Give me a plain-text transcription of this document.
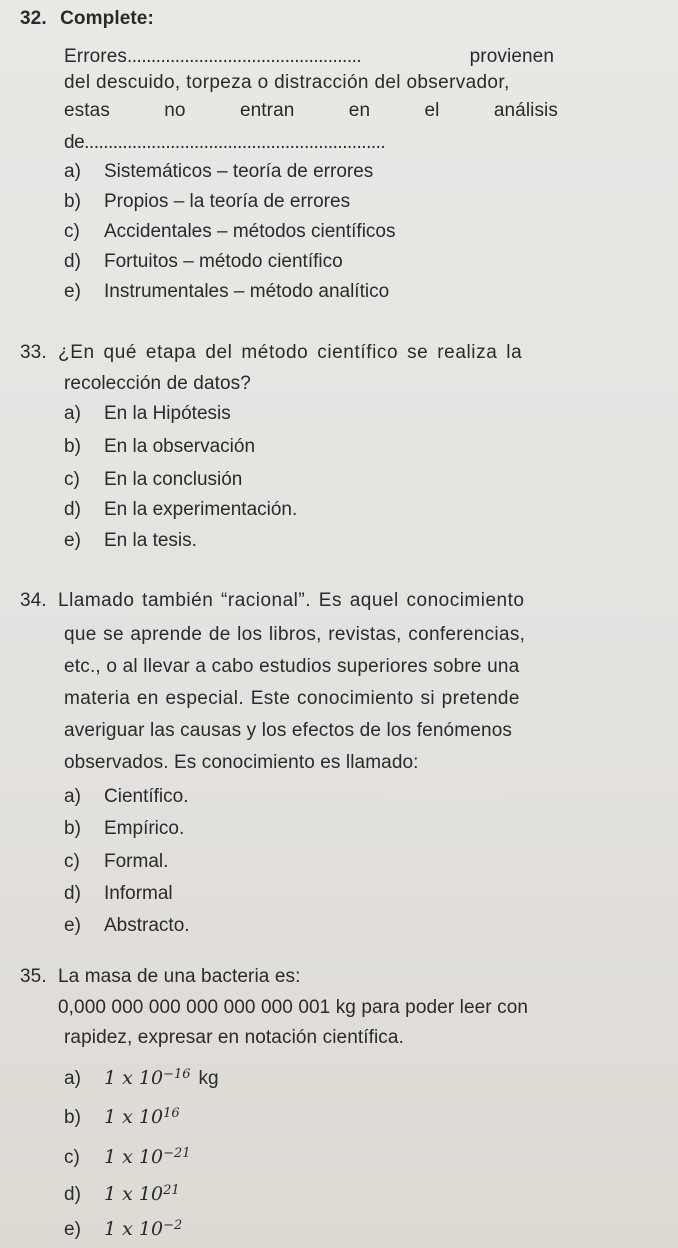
32. Complete:
Errores.................................................	provienen
del descuido, torpeza o distracción del observador,
estas	no	entran	en	el	análisis
de...............................................................
a) Sistemáticos – teoría de errores
b) Propios – la teoría de errores
c) Accidentales – métodos científicos
d) Fortuitos – método científico
e) Instrumentales – método analítico
33. ¿En qué etapa del método científico se realiza la
recolección de datos?
a) En la Hipótesis
b) En la observación
c) En la conclusión
d) En la experimentación.
e) En la tesis.
34. Llamado también “racional”. Es aquel conocimiento
que se aprende de los libros, revistas, conferencias,
etc., o al llevar a cabo estudios superiores sobre una
materia en especial. Este conocimiento si pretende
averiguar las causas y los efectos de los fenómenos
observados. Es conocimiento es llamado:
a) Científico.
b) Empírico.
c) Formal.
d) Informal
e) Abstracto.
35. La masa de una bacteria es:
0,000 000 000 000 000 000 001 kg para poder leer con
rapidez, expresar en notación científica.
a) 1 x $10^{-16}$ kg
b) 1 x $10^{16}$
c) 1 x $10^{-21}$
d) 1 x $10^{21}$
e) 1 x $10^{-2}$
